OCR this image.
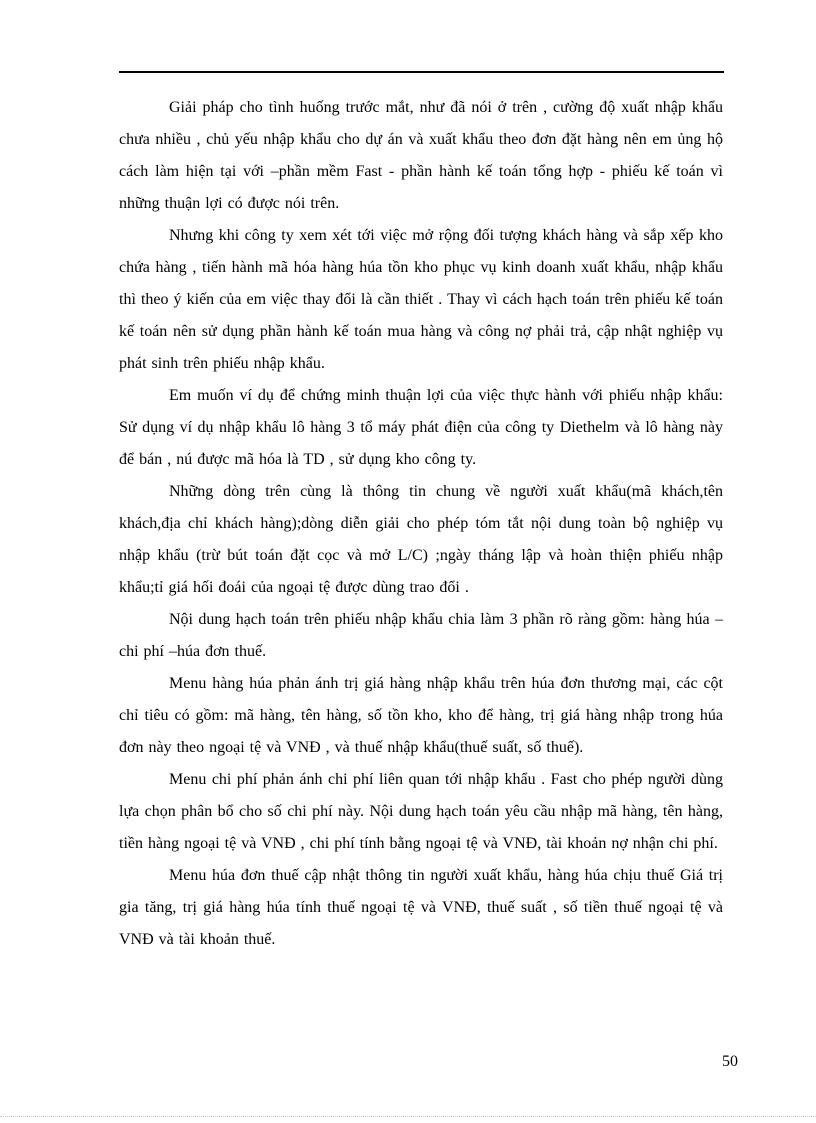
Giải pháp cho tình huống trước mắt, như đã nói ở trên , cường độ xuất nhập khẩu chưa nhiều , chủ yếu nhập khẩu cho dự án và xuất khẩu theo đơn đặt hàng nên em ủng hộ cách làm hiện tại với –phần mềm Fast - phần hành kế toán tổng hợp - phiếu kế toán vì những thuận lợi có được nói trên.

Nhưng khi công ty xem xét tới việc mở rộng đối tượng khách hàng và sắp xếp kho chứa hàng , tiến hành mã hóa hàng húa tồn kho phục vụ kinh doanh xuất khẩu, nhập khẩu thì theo ý kiến của em việc thay đổi là cần thiết . Thay vì cách hạch toán trên phiếu kế toán kế toán nên sử dụng phần hành kế toán mua hàng và công nợ phải trả, cập nhật nghiệp vụ phát sinh trên phiếu nhập khẩu.

Em muốn ví dụ để chứng minh thuận lợi của việc thực hành với phiếu nhập khẩu: Sử dụng ví dụ nhập khẩu lô hàng 3 tổ máy phát điện của công ty Diethelm và lô hàng này để bán , nú được mã hóa là TD , sử dụng kho công ty.

Những dòng trên cùng là thông tin chung về người xuất khẩu(mã khách,tên khách,địa chỉ khách hàng);dòng diễn giải cho phép tóm tắt nội dung toàn bộ nghiệp vụ nhập khẩu (trừ bút toán đặt cọc và mở L/C) ;ngày tháng lập và hoàn thiện phiếu nhập khẩu;tỉ giá hối đoái của ngoại tệ được dùng trao đổi .

Nội dung hạch toán trên phiếu nhập khẩu chia làm 3 phần rõ ràng gồm: hàng húa –chi phí –húa đơn thuế.

Menu hàng húa phản ánh trị giá hàng nhập khẩu trên húa đơn thương mại, các cột chỉ tiêu có gồm: mã hàng, tên hàng, số tồn kho, kho để hàng, trị giá hàng nhập trong húa đơn này theo ngoại tệ và VNĐ , và thuế nhập khẩu(thuế suất, số thuế).

Menu chi phí phản ánh chi phí liên quan tới nhập khẩu . Fast cho phép người dùng lựa chọn phân bổ cho số chi phí này. Nội dung hạch toán yêu cầu nhập mã hàng, tên hàng, tiền hàng ngoại tệ và VNĐ , chi phí tính bằng ngoại tệ và VNĐ, tài khoản nợ nhận chi phí.

Menu húa đơn thuế cập nhật thông tin người xuất khẩu, hàng húa chịu thuế Giá trị gia tăng, trị giá hàng húa tính thuế ngoại tệ và VNĐ, thuế suất , số tiền thuế ngoại tệ và VNĐ và tài khoản thuế.

50
